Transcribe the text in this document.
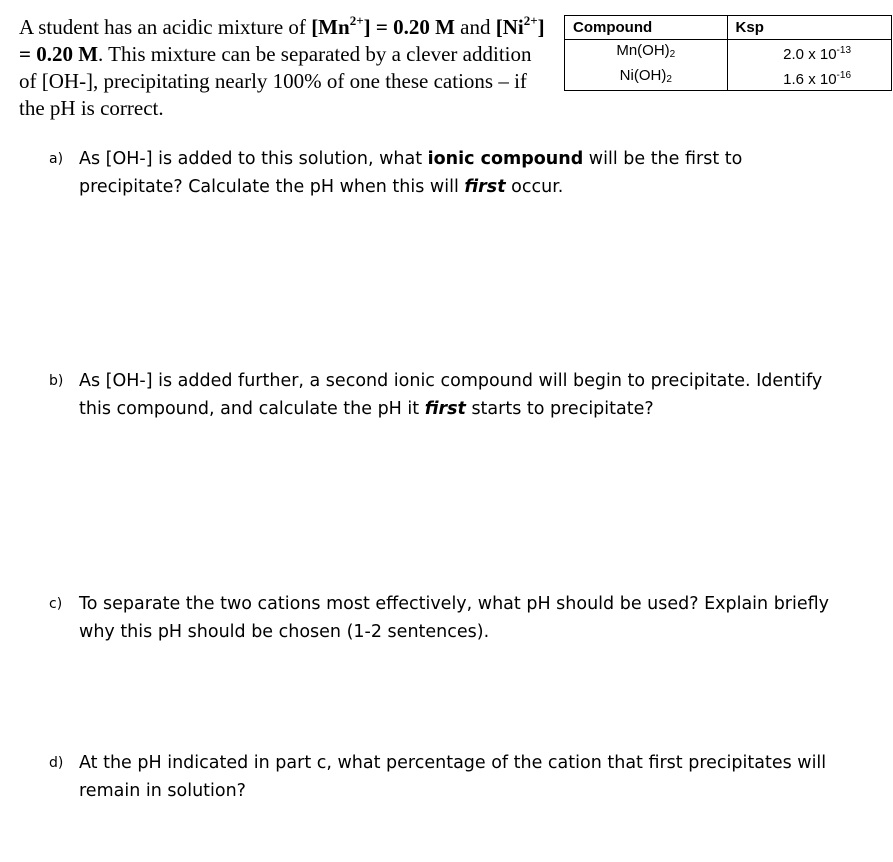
A student has an acidic mixture of $[Mn^{2+}] = 0.20$ M and $[Ni^{2+}] = 0.20$ M. This mixture can be separated by a clever addition of [OH-], precipitating nearly 100% of one these cations – if the pH is correct.
Compound	Ksp
$Mn(OH)_2$	2.0 x $10^{-13}$
$Ni(OH)_2$	1.6 x $10^{-16}$
a) As [OH-] is added to this solution, what ionic compound will be the first to precipitate? Calculate the pH when this will first occur.
b) As [OH-] is added further, a second ionic compound will begin to precipitate. Identify this compound, and calculate the pH it first starts to precipitate?
c) To separate the two cations most effectively, what pH should be used? Explain briefly why this pH should be chosen (1-2 sentences).
d) At the pH indicated in part c, what percentage of the cation that first precipitates will remain in solution?
